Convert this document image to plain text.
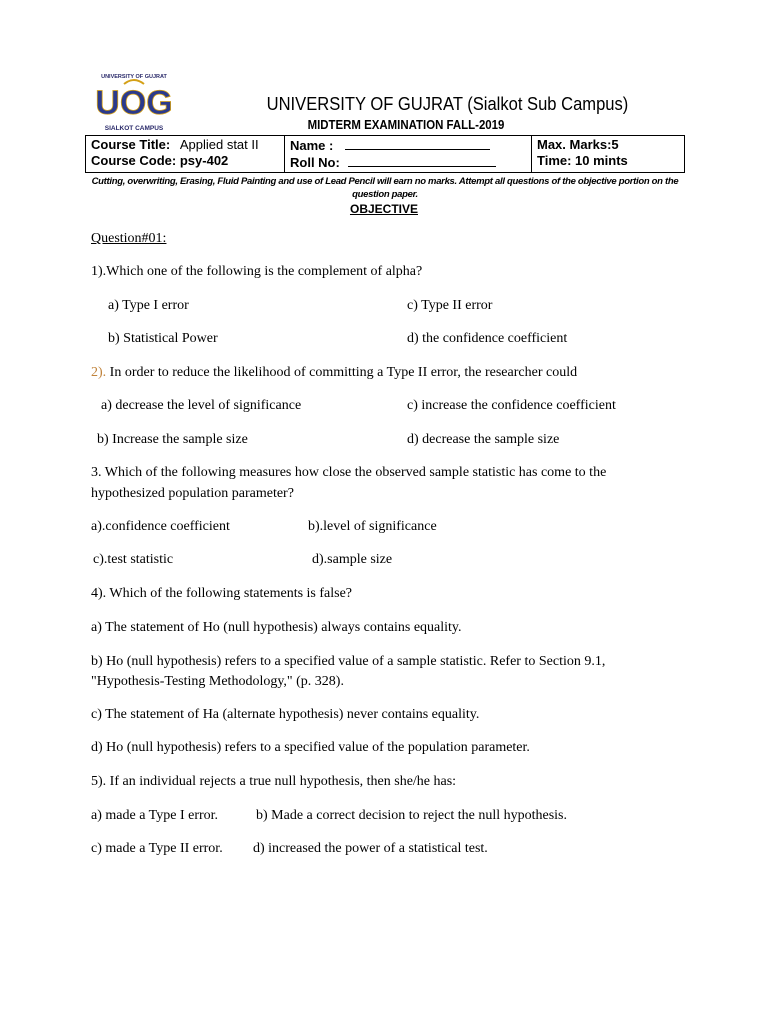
UNIVERSITY OF GUJRAT
UOG
SIALKOT CAMPUS
UNIVERSITY OF GUJRAT (Sialkot Sub Campus)
MIDTERM EXAMINATION FALL-2019
Course Title: Applied stat II
Course Code: psy-402

Name :
Roll No:

Max. Marks:5
Time: 10 mints
Cutting, overwriting, Erasing, Fluid Painting and use of Lead Pencil will earn no marks. Attempt all questions of the objective portion on the question paper.
OBJECTIVE
Question#01:
1).Which one of the following is the complement of alpha?
a) Type I error	c) Type II error
b) Statistical Power	d) the confidence coefficient
2). In order to reduce the likelihood of committing a Type II error, the researcher could
a) decrease the level of significance	c) increase the confidence coefficient
b) Increase the sample size	d) decrease the sample size
3. Which of the following measures how close the observed sample statistic has come to the
hypothesized population parameter?
a).confidence coefficient	b).level of significance
c).test statistic	d).sample size
4). Which of the following statements is false?
a) The statement of Ho (null hypothesis) always contains equality.
b) Ho (null hypothesis) refers to a specified value of a sample statistic. Refer to Section 9.1,
"Hypothesis-Testing Methodology," (p. 328).
c) The statement of Ha (alternate hypothesis) never contains equality.
d) Ho (null hypothesis) refers to a specified value of the population parameter.
5). If an individual rejects a true null hypothesis, then she/he has:
a) made a Type I error.	b) Made a correct decision to reject the null hypothesis.
c) made a Type II error. d) increased the power of a statistical test.
